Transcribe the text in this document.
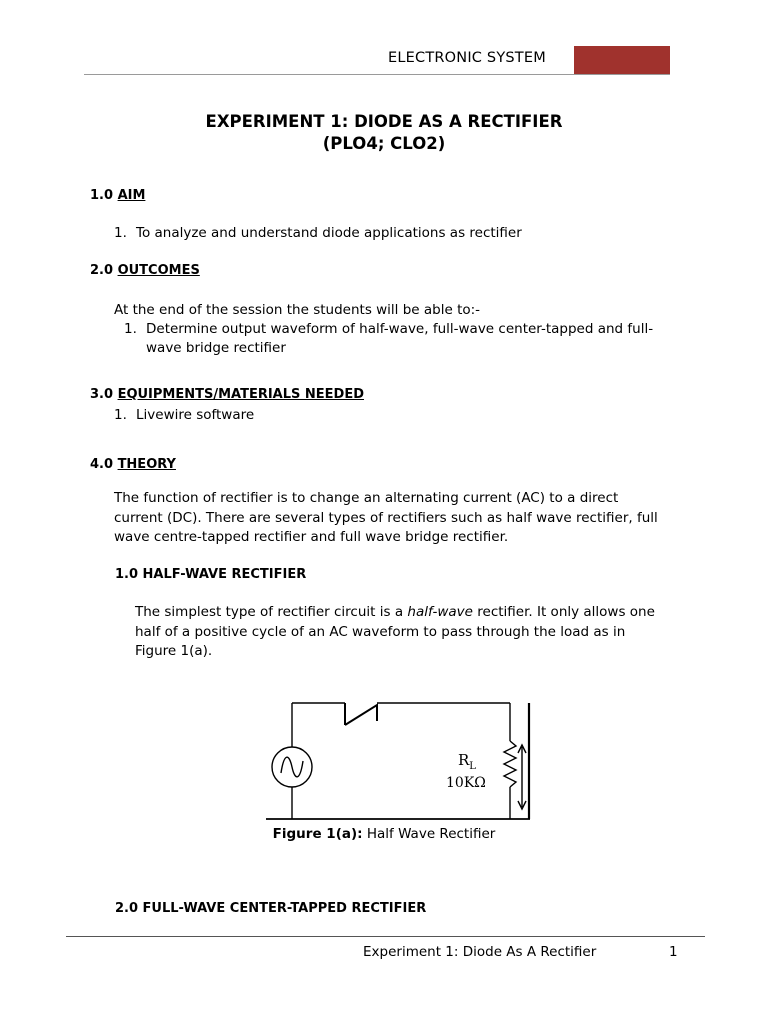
ELECTRONIC SYSTEM
EXPERIMENT 1: DIODE AS A RECTIFIER
(PLO4; CLO2)
1.0 AIM
1. To analyze and understand diode applications as rectifier
2.0 OUTCOMES
At the end of the session the students will be able to:-
1. Determine output waveform of half-wave, full-wave center-tapped and full-
wave bridge rectifier
3.0 EQUIPMENTS/MATERIALS NEEDED
1. Livewire software
4.0 THEORY
The function of rectifier is to change an alternating current (AC) to a direct
current (DC). There are several types of rectifiers such as half wave rectifier, full
wave centre-tapped rectifier and full wave bridge rectifier.
1.0 HALF-WAVE RECTIFIER
The simplest type of rectifier circuit is a half-wave rectifier. It only allows one
half of a positive cycle of an AC waveform to pass through the load as in
Figure 1(a).
$R_L$
10KΩ
Figure 1(a): Half Wave Rectifier
2.0 FULL-WAVE CENTER-TAPPED RECTIFIER
Experiment 1: Diode As A Rectifier	1
